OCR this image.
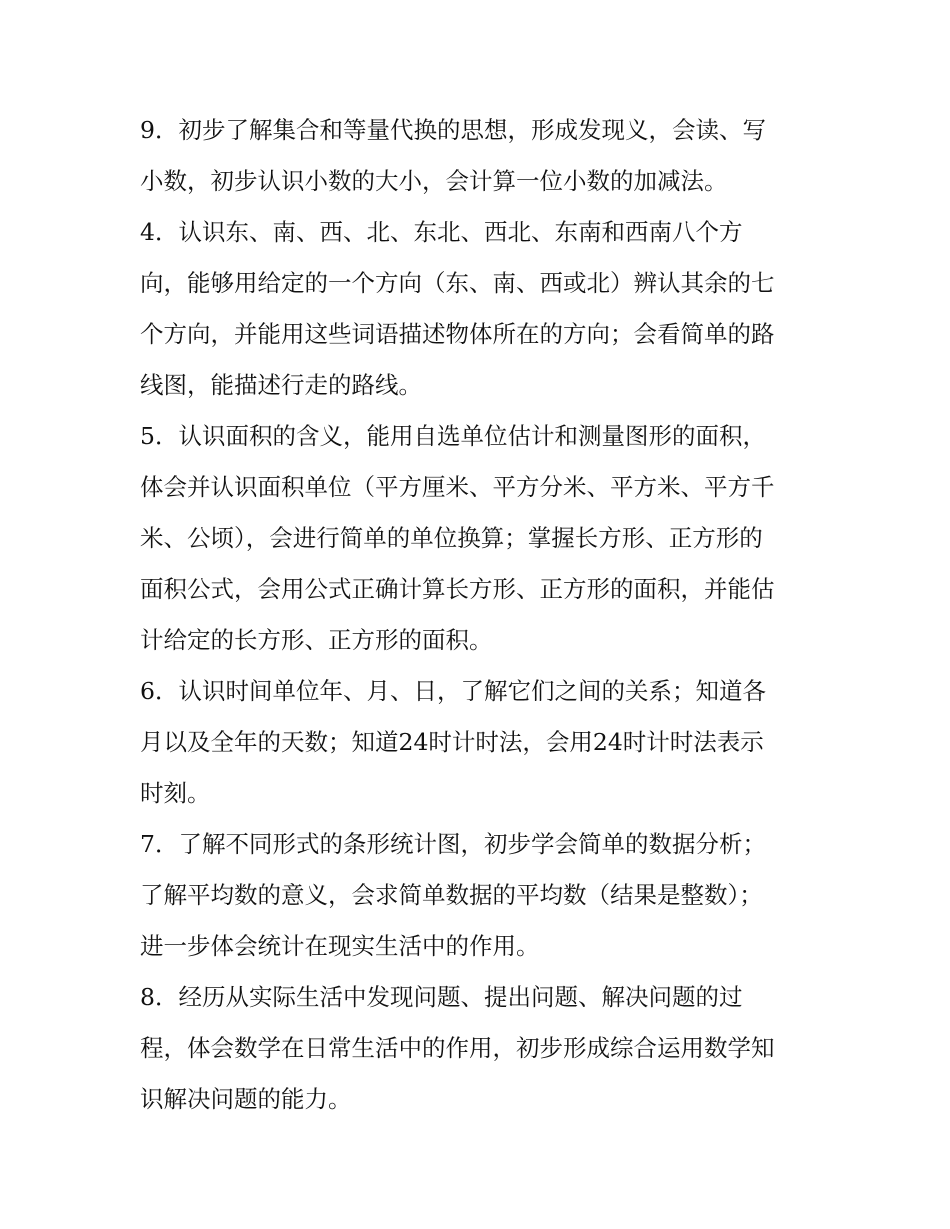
9．初步了解集合和等量代换的思想，形成发现义，会读、写
小数，初步认识小数的大小，会计算一位小数的加减法。
4．认识东、南、西、北、东北、西北、东南和西南八个方
向，能够用给定的一个方向（东、南、西或北）辨认其余的七
个方向，并能用这些词语描述物体所在的方向；会看简单的路
线图，能描述行走的路线。
5．认识面积的含义，能用自选单位估计和测量图形的面积，
体会并认识面积单位（平方厘米、平方分米、平方米、平方千
米、公顷），会进行简单的单位换算；掌握长方形、正方形的
面积公式，会用公式正确计算长方形、正方形的面积，并能估
计给定的长方形、正方形的面积。
6．认识时间单位年、月、日，了解它们之间的关系；知道各
月以及全年的天数；知道24时计时法，会用24时计时法表示
时刻。
7．了解不同形式的条形统计图，初步学会简单的数据分析；
了解平均数的意义，会求简单数据的平均数（结果是整数）；
进一步体会统计在现实生活中的作用。
8．经历从实际生活中发现问题、提出问题、解决问题的过
程，体会数学在日常生活中的作用，初步形成综合运用数学知
识解决问题的能力。
